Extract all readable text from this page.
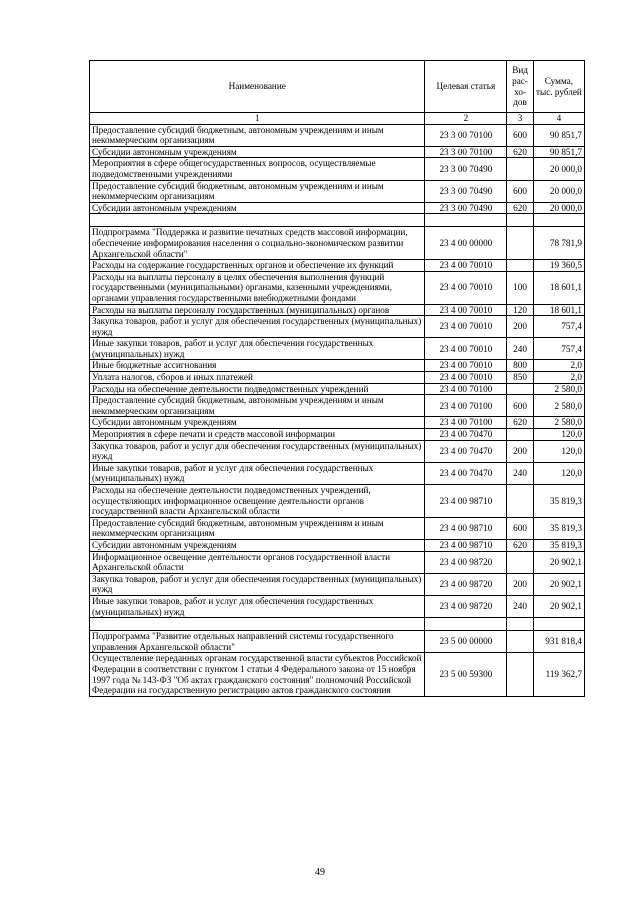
Наименование	Целевая статья	Вид рас-хо-дов	Сумма, тыс. рублей
1	2	3	4
Предоставление субсидий бюджетным, автономным учреждениям и иным некоммерческим организациям	23 3 00 70100	600	90 851,7
Субсидии автономным учреждениям	23 3 00 70100	620	90 851,7
Мероприятия в сфере общегосударственных вопросов, осуществляемые подведомственными учреждениями	23 3 00 70490		20 000,0
Предоставление субсидий бюджетным, автономным учреждениям и иным некоммерческим организациям	23 3 00 70490	600	20 000,0
Субсидии автономным учреждениям	23 3 00 70490	620	20 000,0

Подпрограмма "Поддержка и развитие печатных средств массовой информации, обеспечение информирования населения о социально-экономическом развитии Архангельской области"	23 4 00 00000		78 781,9
Расходы на содержание государственных органов и обеспечение их функций	23 4 00 70010		19 360,5
Расходы на выплаты персоналу в целях обеспечения выполнения функций государственными (муниципальными) органами, казенными учреждениями, органами управления государственными внебюджетными фондами	23 4 00 70010	100	18 601,1
Расходы на выплаты персоналу государственных (муниципальных) органов	23 4 00 70010	120	18 601,1
Закупка товаров, работ и услуг для обеспечения государственных (муниципальных) нужд	23 4 00 70010	200	757,4
Иные закупки товаров, работ и услуг для обеспечения государственных (муниципальных) нужд	23 4 00 70010	240	757,4
Иные бюджетные ассигнования	23 4 00 70010	800	2,0
Уплата налогов, сборов и иных платежей	23 4 00 70010	850	2,0
Расходы на обеспечение деятельности подведомственных учреждений	23 4 00 70100		2 580,0
Предоставление субсидий бюджетным, автономным учреждениям и иным некоммерческим организациям	23 4 00 70100	600	2 580,0
Субсидии автономным учреждениям	23 4 00 70100	620	2 580,0
Мероприятия в сфере печати и средств массовой информации	23 4 00 70470		120,0
Закупка товаров, работ и услуг для обеспечения государственных (муниципальных) нужд	23 4 00 70470	200	120,0
Иные закупки товаров, работ и услуг для обеспечения государственных (муниципальных) нужд	23 4 00 70470	240	120,0
Расходы на обеспечение деятельности подведомственных учреждений, осуществляющих информационное освещение деятельности органов государственной власти Архангельской области	23 4 00 98710		35 819,3
Предоставление субсидий бюджетным, автономным учреждениям и иным некоммерческим организациям	23 4 00 98710	600	35 819,3
Субсидии автономным учреждениям	23 4 00 98710	620	35 819,3
Информационное освещение деятельности органов государственной власти Архангельской области	23 4 00 98720		20 902,1
Закупка товаров, работ и услуг для обеспечения государственных (муниципальных) нужд	23 4 00 98720	200	20 902,1
Иные закупки товаров, работ и услуг для обеспечения государственных (муниципальных) нужд	23 4 00 98720	240	20 902,1

Подпрограмма "Развитие отдельных направлений системы государственного управления Архангельской области"	23 5 00 00000		931 818,4
Осуществление переданных органам государственной власти субъектов Российской Федерации в соответствии с пунктом 1 статьи 4 Федерального закона от 15 ноября 1997 года № 143-ФЗ "Об актах гражданского состояния" полномочий Российской Федерации на государственную регистрацию актов гражданского состояния	23 5 00 59300		119 362,7
49
